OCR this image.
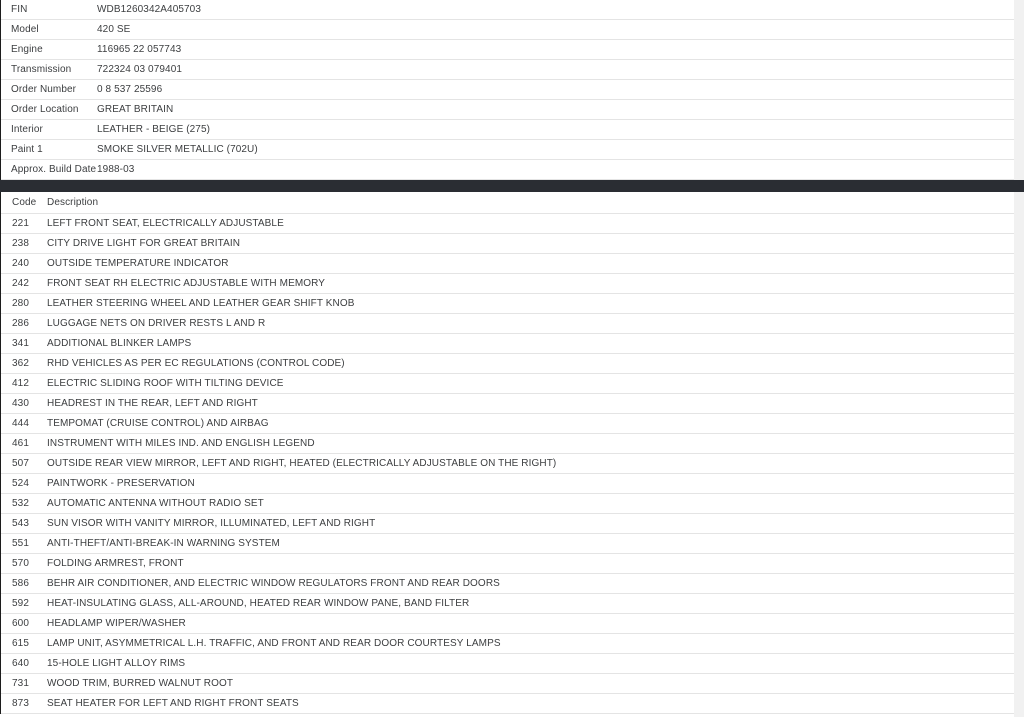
FIN	WDB1260342A405703
Model	420 SE
Engine	116965 22 057743
Transmission	722324 03 079401
Order Number	0 8 537 25596
Order Location	GREAT BRITAIN
Interior	LEATHER - BEIGE (275)
Paint 1	SMOKE SILVER METALLIC (702U)
Approx. Build Date	1988-03
Code	Description
221	LEFT FRONT SEAT, ELECTRICALLY ADJUSTABLE
238	CITY DRIVE LIGHT FOR GREAT BRITAIN
240	OUTSIDE TEMPERATURE INDICATOR
242	FRONT SEAT RH ELECTRIC ADJUSTABLE WITH MEMORY
280	LEATHER STEERING WHEEL AND LEATHER GEAR SHIFT KNOB
286	LUGGAGE NETS ON DRIVER RESTS L AND R
341	ADDITIONAL BLINKER LAMPS
362	RHD VEHICLES AS PER EC REGULATIONS (CONTROL CODE)
412	ELECTRIC SLIDING ROOF WITH TILTING DEVICE
430	HEADREST IN THE REAR, LEFT AND RIGHT
444	TEMPOMAT (CRUISE CONTROL) AND AIRBAG
461	INSTRUMENT WITH MILES IND. AND ENGLISH LEGEND
507	OUTSIDE REAR VIEW MIRROR, LEFT AND RIGHT, HEATED (ELECTRICALLY ADJUSTABLE ON THE RIGHT)
524	PAINTWORK - PRESERVATION
532	AUTOMATIC ANTENNA WITHOUT RADIO SET
543	SUN VISOR WITH VANITY MIRROR, ILLUMINATED, LEFT AND RIGHT
551	ANTI-THEFT/ANTI-BREAK-IN WARNING SYSTEM
570	FOLDING ARMREST, FRONT
586	BEHR AIR CONDITIONER, AND ELECTRIC WINDOW REGULATORS FRONT AND REAR DOORS
592	HEAT-INSULATING GLASS, ALL-AROUND, HEATED REAR WINDOW PANE, BAND FILTER
600	HEADLAMP WIPER/WASHER
615	LAMP UNIT, ASYMMETRICAL L.H. TRAFFIC, AND FRONT AND REAR DOOR COURTESY LAMPS
640	15-HOLE LIGHT ALLOY RIMS
731	WOOD TRIM, BURRED WALNUT ROOT
873	SEAT HEATER FOR LEFT AND RIGHT FRONT SEATS
